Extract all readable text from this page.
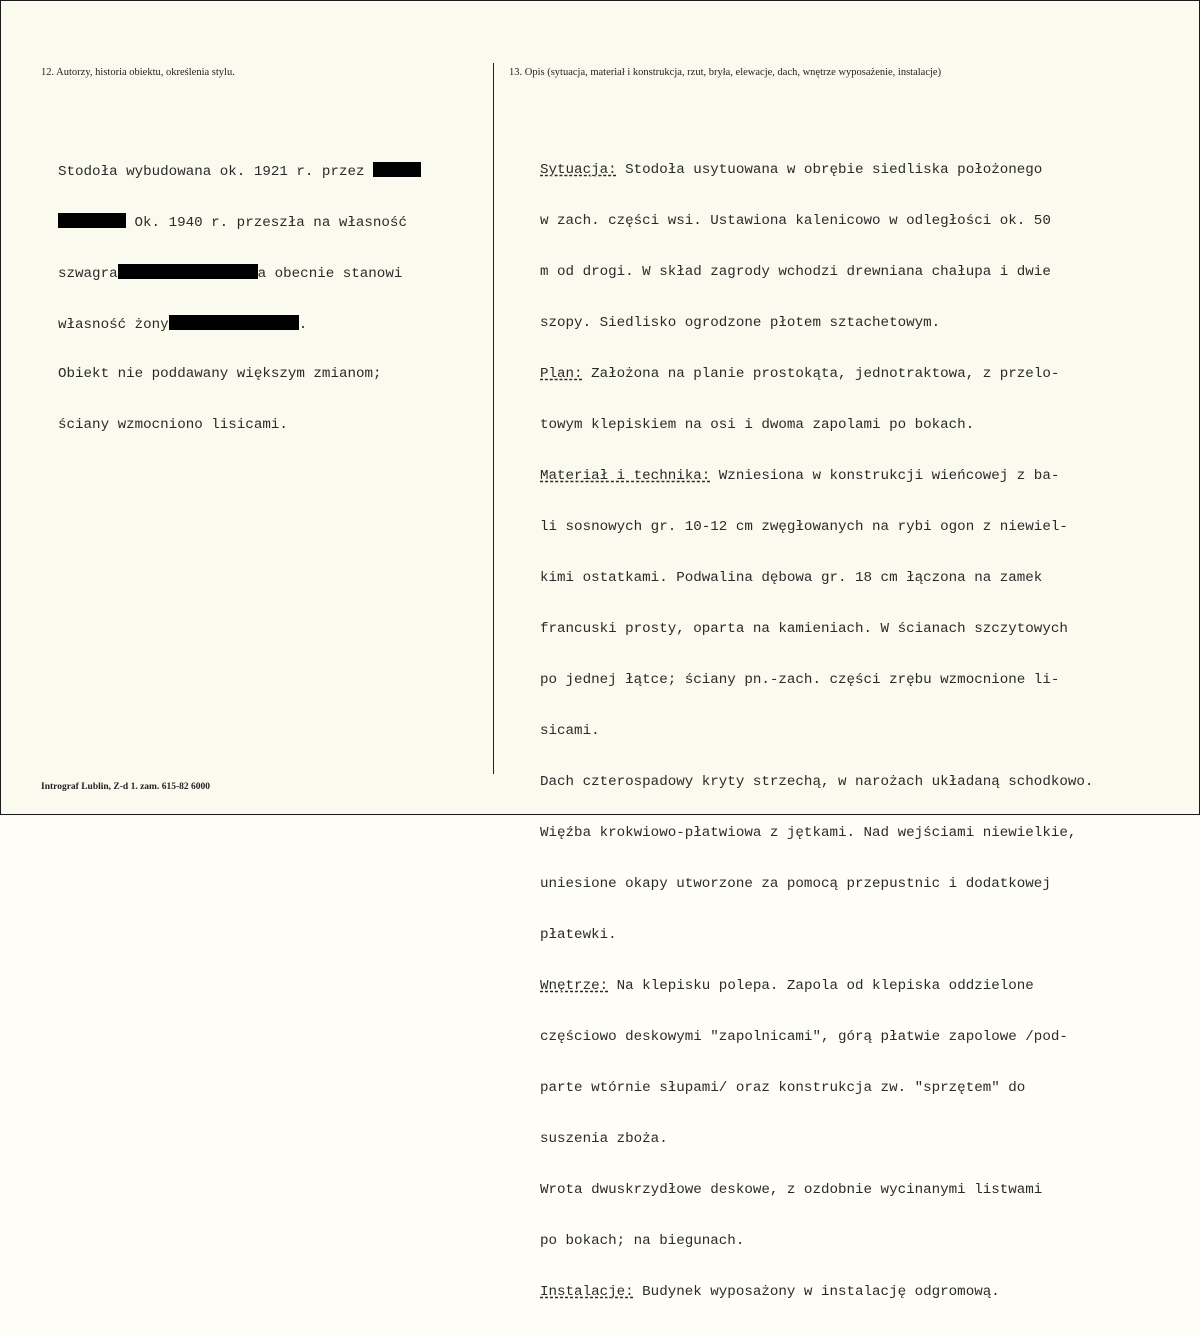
12. Autorzy, historia obiektu, określenia stylu.	13. Opis (sytuacja, materiał i konstrukcja, rzut, bryła, elewacje, dach, wnętrze wyposażenie, instalacje)

Stodoła wybudowana ok. 1921 r. przez

Ok. 1940 r. przeszła na własność

szwagra	a obecnie stanowi

własność żony	.

Obiekt nie poddawany większym zmianom;

ściany wzmocniono lisicami.

Sytuacja: Stodoła usytuowana w obrębie siedliska położonego

w zach. części wsi. Ustawiona kalenicowo w odległości ok. 50

m od drogi. W skład zagrody wchodzi drewniana chałupa i dwie

szopy. Siedlisko ogrodzone płotem sztachetowym.

Plan: Założona na planie prostokąta, jednotraktowa, z przelo-

towym klepiskiem na osi i dwoma zapolami po bokach.

Materiał i technika: Wzniesiona w konstrukcji wieńcowej z ba-

li sosnowych gr. 10-12 cm zwęgłowanych na rybi ogon z niewiel-

kimi ostatkami. Podwalina dębowa gr. 18 cm łączona na zamek

francuski prosty, oparta na kamieniach. W ścianach szczytowych

po jednej łątce; ściany pn.-zach. części zrębu wzmocnione li-

sicami.

Dach czterospadowy kryty strzechą, w narożach układaną schodkowo.

Więźba krokwiowo-płatwiowa z jętkami. Nad wejściami niewielkie,

uniesione okapy utworzone za pomocą przepustnic i dodatkowej

płatewki.

Wnętrze: Na klepisku polepa. Zapola od klepiska oddzielone

częściowo deskowymi "zapolnicami", górą płatwie zapolowe /pod-

parte wtórnie słupami/ oraz konstrukcja zw. "sprzętem" do

suszenia zboża.

Wrota dwuskrzydłowe deskowe, z ozdobnie wycinanymi listwami

po bokach; na biegunach.

Instalacje: Budynek wyposażony w instalację odgromową.

Intrograf Lublin, Z-d 1. zam. 615-82 6000
